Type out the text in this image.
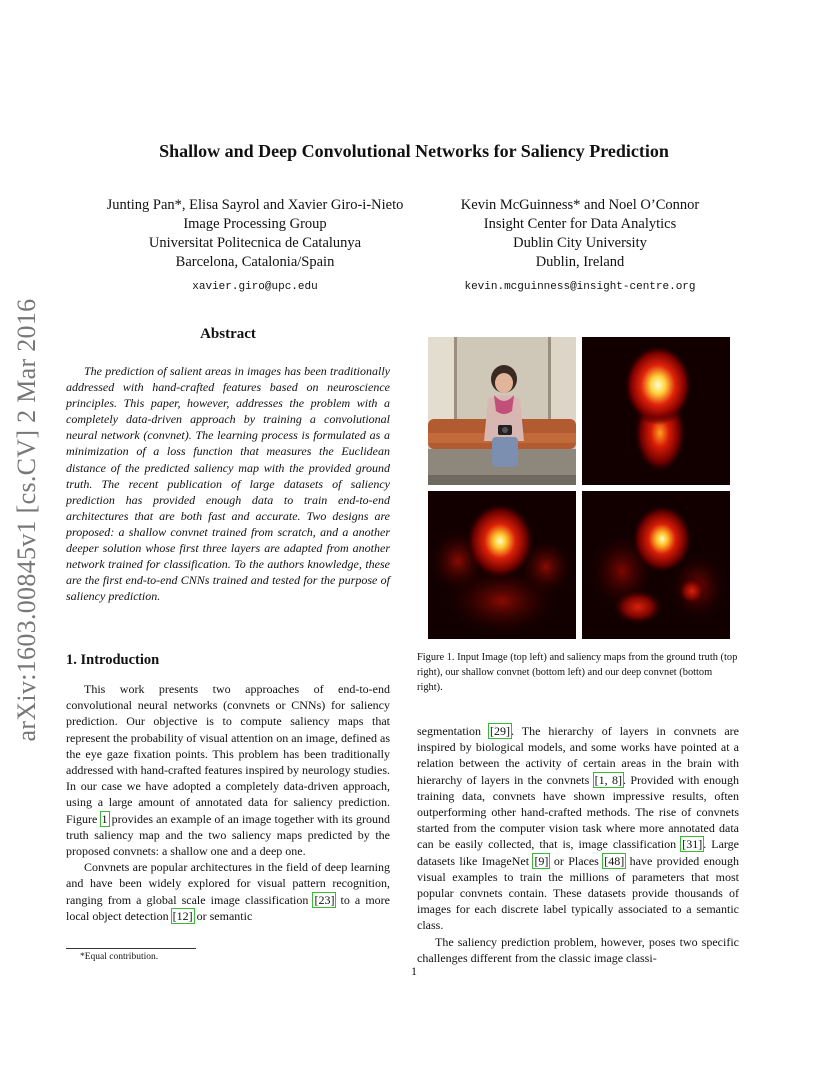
arXiv:1603.00845v1 [cs.CV] 2 Mar 2016
Shallow and Deep Convolutional Networks for Saliency Prediction
Junting Pan*, Elisa Sayrol and Xavier Giro-i-Nieto
Image Processing Group
Universitat Politecnica de Catalunya
Barcelona, Catalonia/Spain
xavier.giro@upc.edu
Kevin McGuinness* and Noel O’Connor
Insight Center for Data Analytics
Dublin City University
Dublin, Ireland
kevin.mcguinness@insight-centre.org
Abstract

The prediction of salient areas in images has been traditionally addressed with hand-crafted features based on neuroscience principles. This paper, however, addresses the problem with a completely data-driven approach by training a convolutional neural network (convnet). The learning process is formulated as a minimization of a loss function that measures the Euclidean distance of the predicted saliency map with the provided ground truth. The recent publication of large datasets of saliency prediction has provided enough data to train end-to-end architectures that are both fast and accurate. Two designs are proposed: a shallow convnet trained from scratch, and a another deeper solution whose first three layers are adapted from another network trained for classification. To the authors knowledge, these are the first end-to-end CNNs trained and tested for the purpose of saliency prediction.

1. Introduction

This work presents two approaches of end-to-end convolutional neural networks (convnets or CNNs) for saliency prediction. Our objective is to compute saliency maps that represent the probability of visual attention on an image, defined as the eye gaze fixation points. This problem has been traditionally addressed with hand-crafted features inspired by neurology studies. In our case we have adopted a completely data-driven approach, using a large amount of annotated data for saliency prediction. Figure 1 provides an example of an image together with its ground truth saliency map and the two saliency maps predicted by the proposed convnets: a shallow one and a deep one.

Convnets are popular architectures in the field of deep learning and have been widely explored for visual pattern recognition, ranging from a global scale image classification [23] to a more local object detection [12] or semantic

*Equal contribution.
Figure 1. Input Image (top left) and saliency maps from the ground truth (top right), our shallow convnet (bottom left) and our deep convnet (bottom right).

segmentation [29]. The hierarchy of layers in convnets are inspired by biological models, and some works have pointed at a relation between the activity of certain areas in the brain with hierarchy of layers in the convnets [1, 8]. Provided with enough training data, convnets have shown impressive results, often outperforming other hand-crafted methods. The rise of convnets started from the computer vision task where more annotated data can be easily collected, that is, image classification [31]. Large datasets like ImageNet [9] or Places [48] have provided enough visual examples to train the millions of parameters that most popular convnets contain. These datasets provide thousands of images for each discrete label typically associated to a semantic class.

The saliency prediction problem, however, poses two specific challenges different from the classic image classi-

1
